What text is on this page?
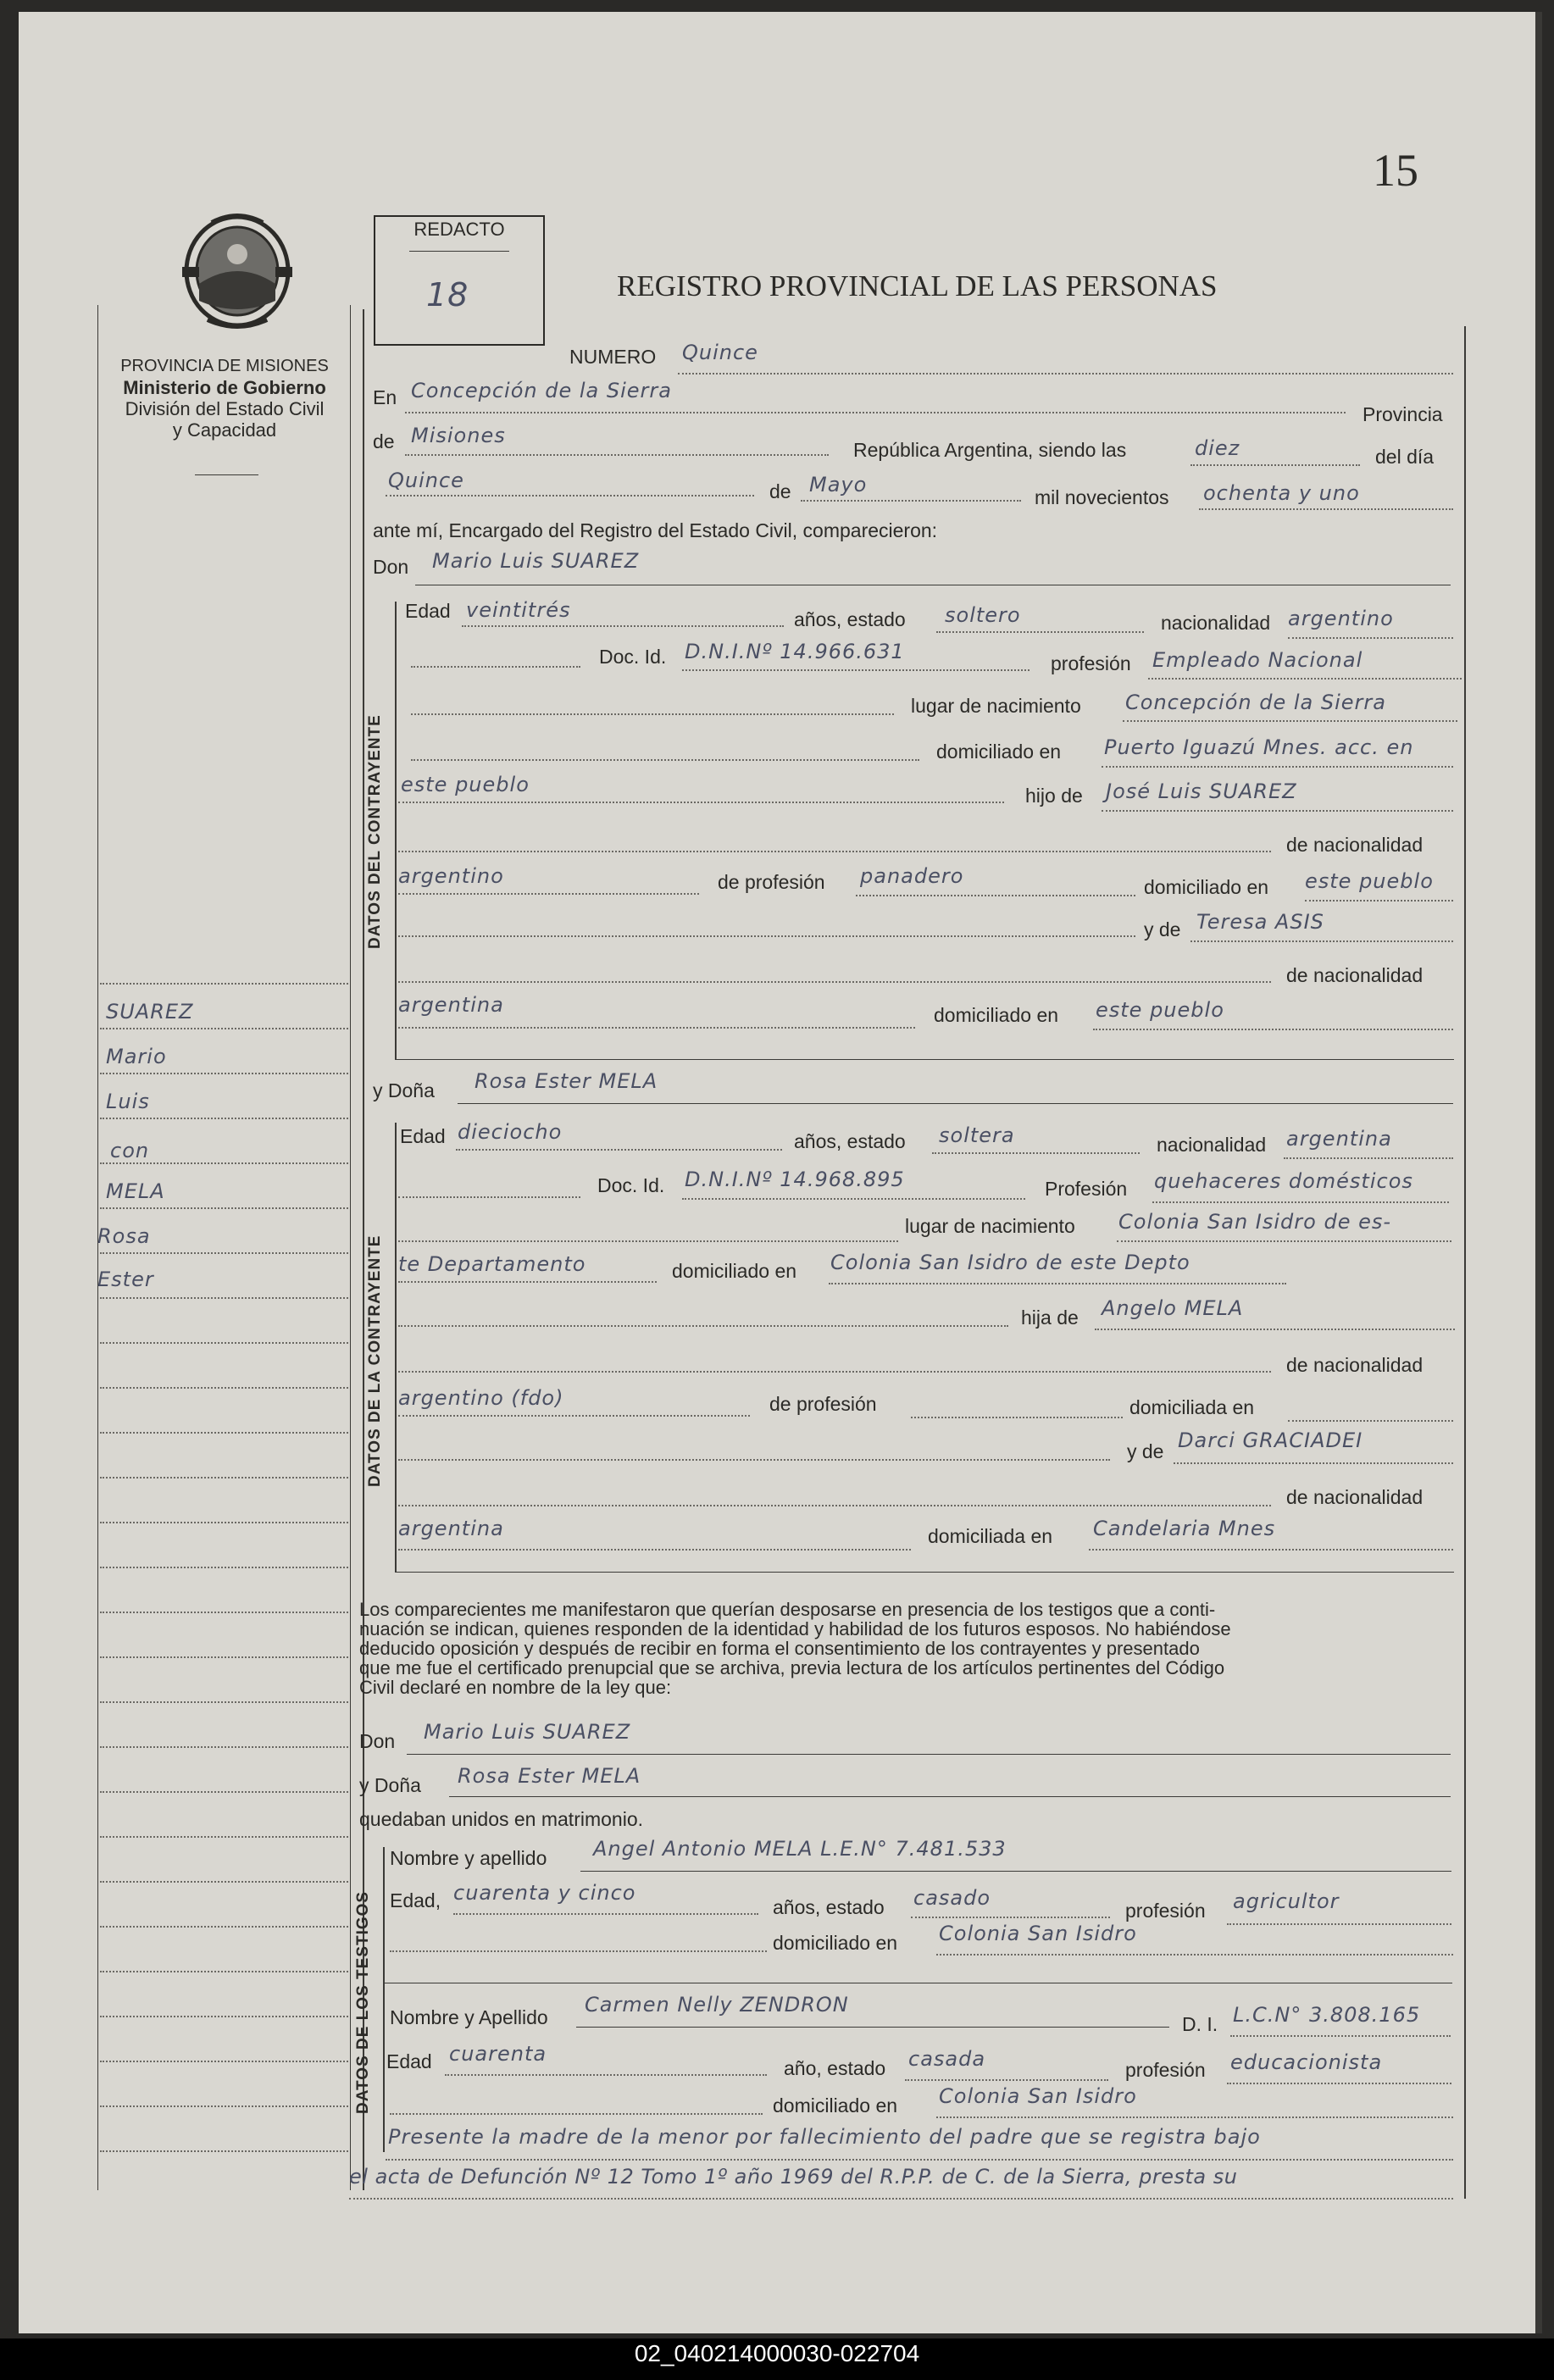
15
PROVINCIA DE MISIONES
Ministerio de Gobierno
División del Estado Civil
y Capacidad
SUAREZ
Mario
Luis
con
MELA
Rosa
Ester
REDACTO
18	REGISTRO PROVINCIAL DE LAS PERSONAS
NUMERO Quince
En Concepción de la Sierra
Provincia
de Misiones
República Argentina, siendo las	diez	del día
Quince	de Mayo
mil novecientos ochenta y uno
ante mí, Encargado del Registro del Estado Civil, comparecieron:
Don Mario Luis SUAREZ
DATOS DEL CONTRAYENTE
Edad veintitrés	años, estado soltero	nacionalidad argentino
Doc. Id. D.N.I.Nº 14.966.631	profesión Empleado Nacional
lugar de nacimiento Concepción de la Sierra
domiciliado en Puerto Iguazú Mnes. acc. en
este pueblo	hijo de José Luis SUAREZ
de nacionalidad
argentino	de profesión panadero	domiciliado en este pueblo
y de Teresa ASIS
de nacionalidad
argentina	domiciliado en este pueblo
y Doña Rosa Ester MELA
DATOS DE LA CONTRAYENTE
Edad dieciocho	años, estado soltera	nacionalidad argentina
Doc. Id. D.N.I.Nº 14.968.895	Profesión quehaceres domésticos
lugar de nacimiento Colonia San Isidro de es-
te Departamento	domiciliado en Colonia San Isidro de este Depto
hija de Angelo MELA
de nacionalidad
argentino (fdo)	de profesión	domiciliada en
y de Darci GRACIADEI
de nacionalidad
argentina	domiciliada en Candelaria Mnes
Los comparecientes me manifestaron que querían desposarse en presencia de los testigos que a conti-
nuación se indican, quienes responden de la identidad y habilidad de los futuros esposos. No habiéndose
deducido oposición y después de recibir en forma el consentimiento de los contrayentes y presentado
que me fue el certificado prenupcial que se archiva, previa lectura de los artículos pertinentes del Código
Civil declaré en nombre de la ley que:
Don Mario Luis SUAREZ
y Doña Rosa Ester MELA
quedaban unidos en matrimonio.
DATOS DE LOS TESTIGOS
Nombre y apellido Angel Antonio MELA L.E.N° 7.481.533
Edad, cuarenta y cinco
años, estado casado
profesión agricultor
domiciliado en Colonia San Isidro
Nombre y Apellido
Carmen Nelly ZENDRON
D. I. L.C.N° 3.808.165
Edad cuarenta
año, estado casada	profesión educacionista
domiciliado en Colonia San Isidro
Presente la madre de la menor por fallecimiento del padre que se registra bajo
el acta de Defunción Nº 12 Tomo 1º año 1969 del R.P.P. de C. de la Sierra, presta su
02_040214000030-022704
